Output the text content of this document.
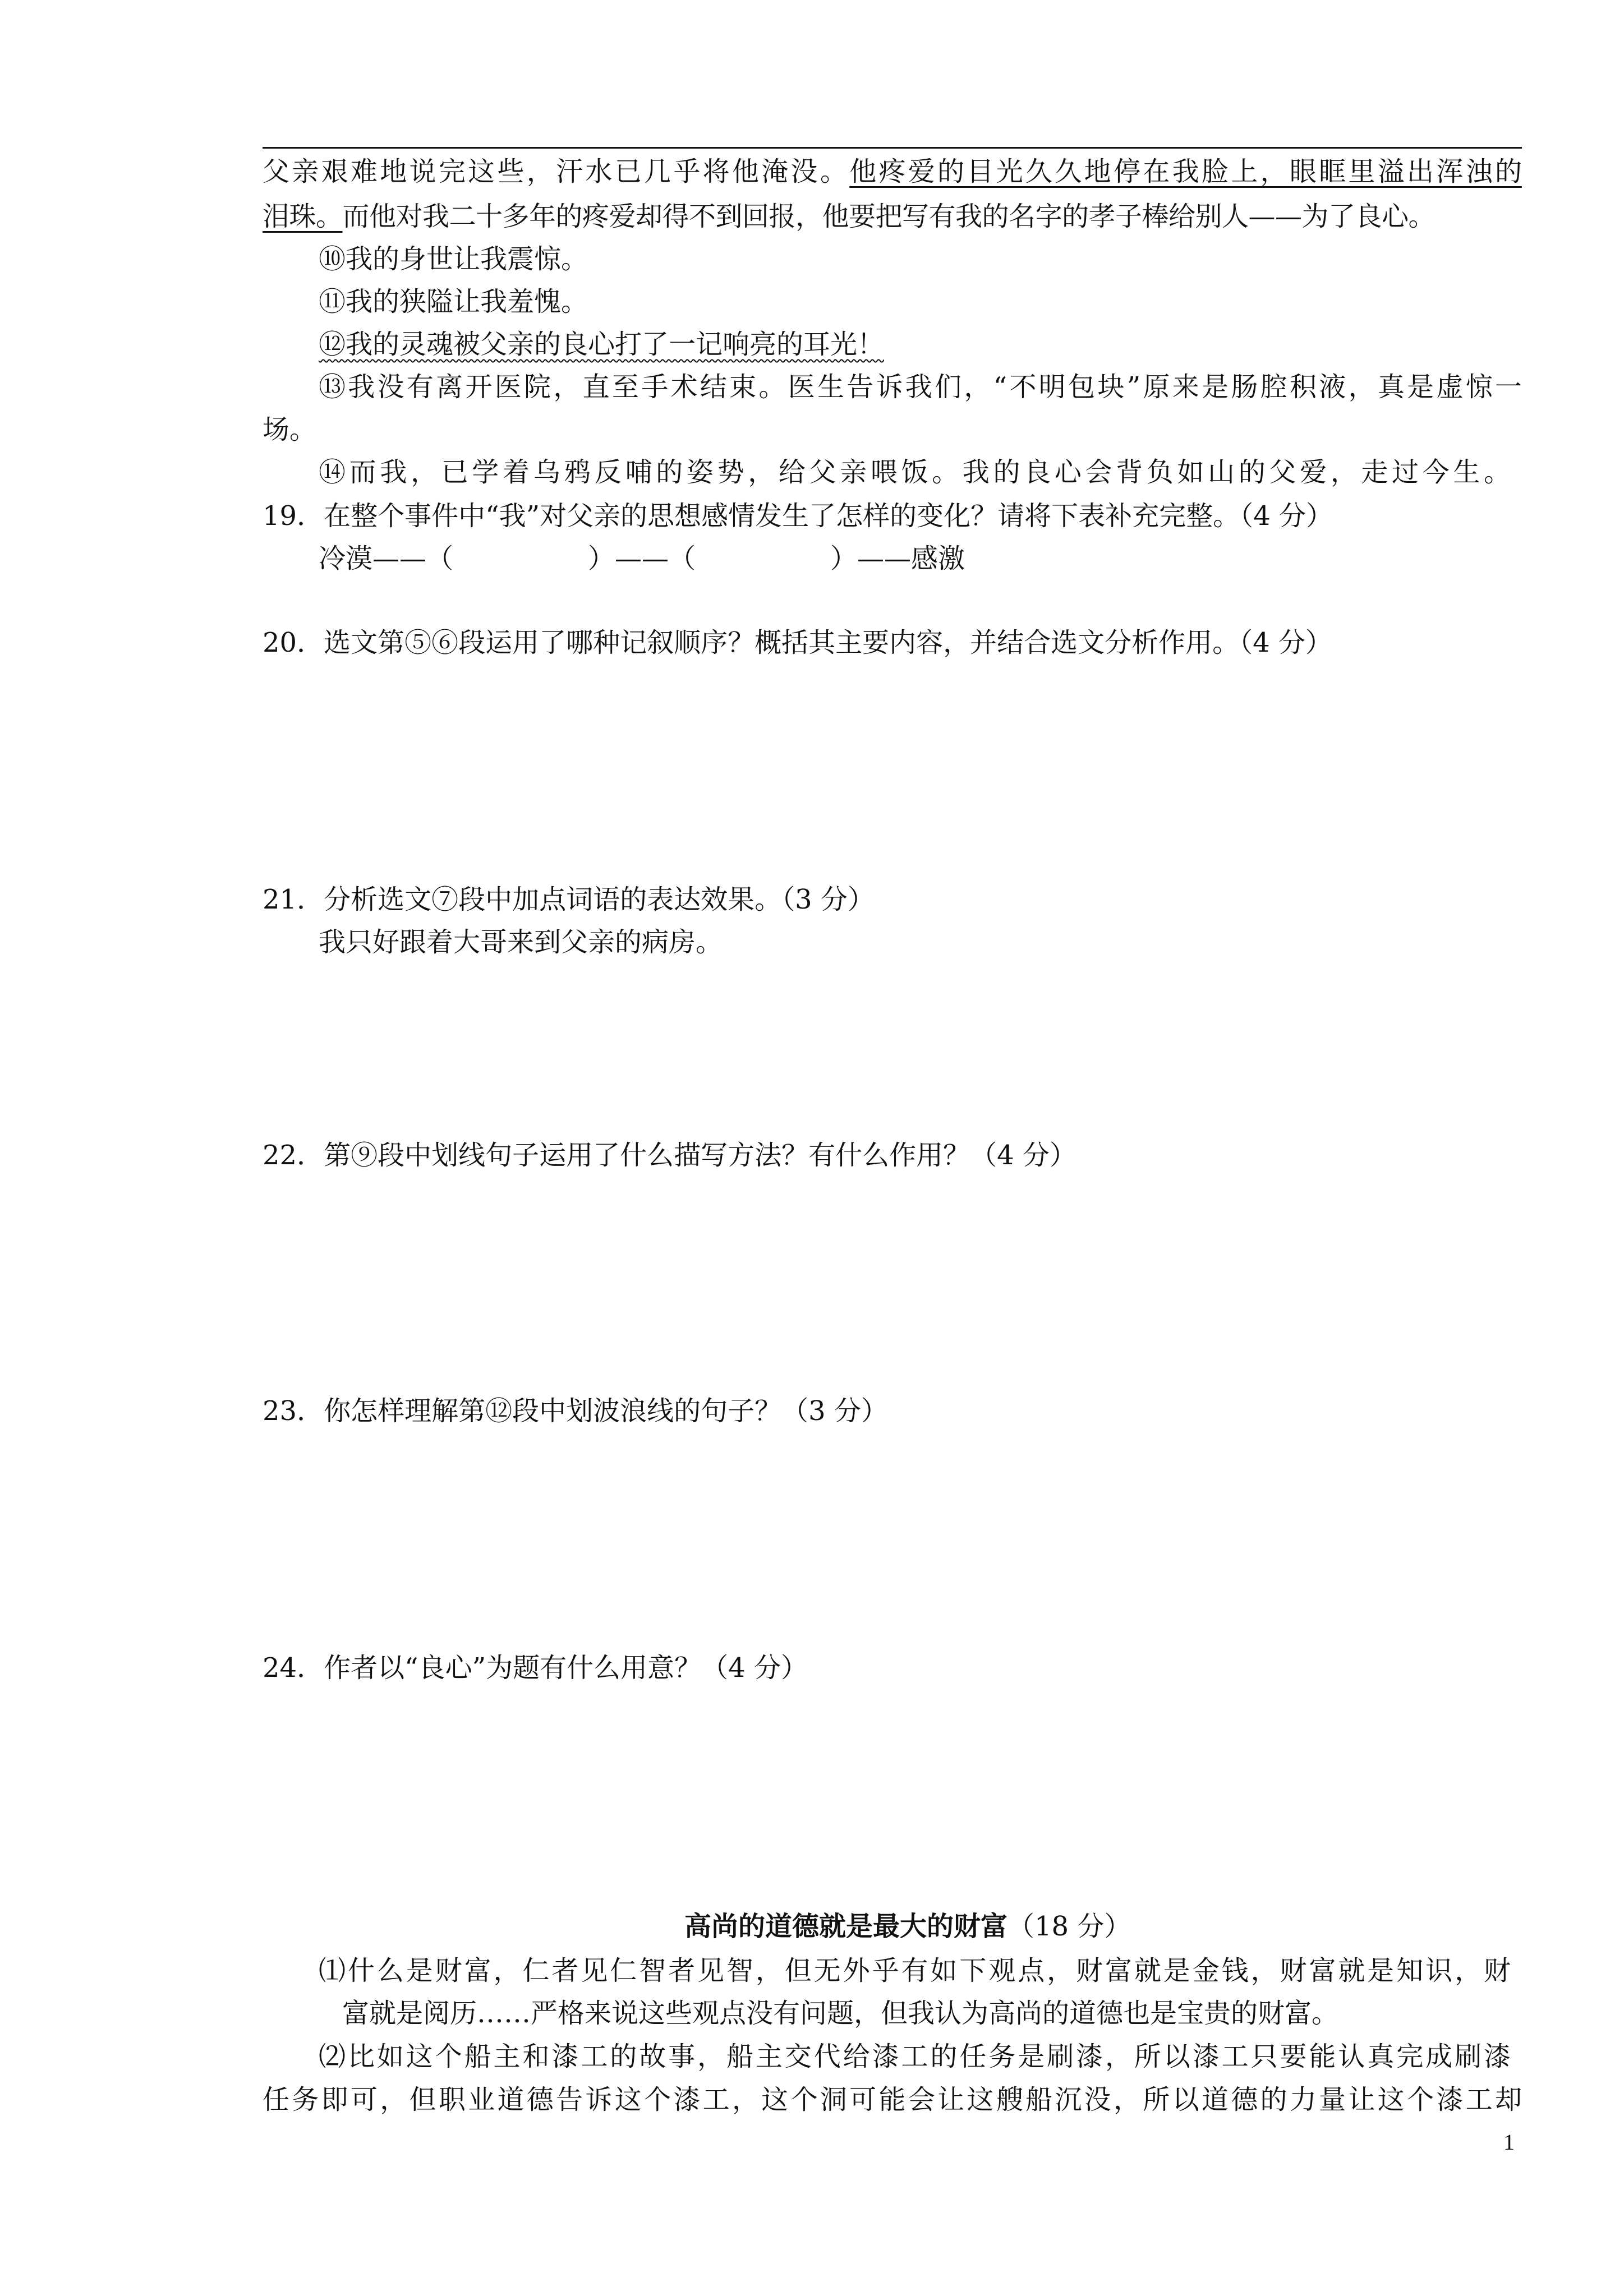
父亲艰难地说完这些，汗水已几乎将他淹没。他疼爱的目光久久地停在我脸上，眼眶里溢出浑浊的
泪珠。而他对我二十多年的疼爱却得不到回报，他要把写有我的名字的孝子棒给别人——为了良心。
⑩我的身世让我震惊。
⑪我的狭隘让我羞愧。
⑫我的灵魂被父亲的良心打了一记响亮的耳光！
⑬我没有离开医院，直至手术结束。医生告诉我们，“不明包块”原来是肠腔积液，真是虚惊一
场。
⑭而我，已学着乌鸦反哺的姿势，给父亲喂饭。我的良心会背负如山的父爱，走过今生。
19．在整个事件中“我”对父亲的思想感情发生了怎样的变化？请将下表补充完整。（4 分）
冷漠——（　　　　　）——（　　　　　）——感激
20．选文第⑤⑥段运用了哪种记叙顺序？概括其主要内容，并结合选文分析作用。（4 分）
21．分析选文⑦段中加点词语的表达效果。（3 分）
我只好跟着大哥来到父亲的病房。
22．第⑨段中划线句子运用了什么描写方法？有什么作用？（4 分）
23．你怎样理解第⑫段中划波浪线的句子？（3 分）
24．作者以“良心”为题有什么用意？（4 分）
高尚的道德就是最大的财富（18 分）
⑴什么是财富，仁者见仁智者见智，但无外乎有如下观点，财富就是金钱，财富就是知识，财
富就是阅历……严格来说这些观点没有问题，但我认为高尚的道德也是宝贵的财富。
⑵比如这个船主和漆工的故事，船主交代给漆工的任务是刷漆，所以漆工只要能认真完成刷漆
任务即可，但职业道德告诉这个漆工，这个洞可能会让这艘船沉没，所以道德的力量让这个漆工却
1
